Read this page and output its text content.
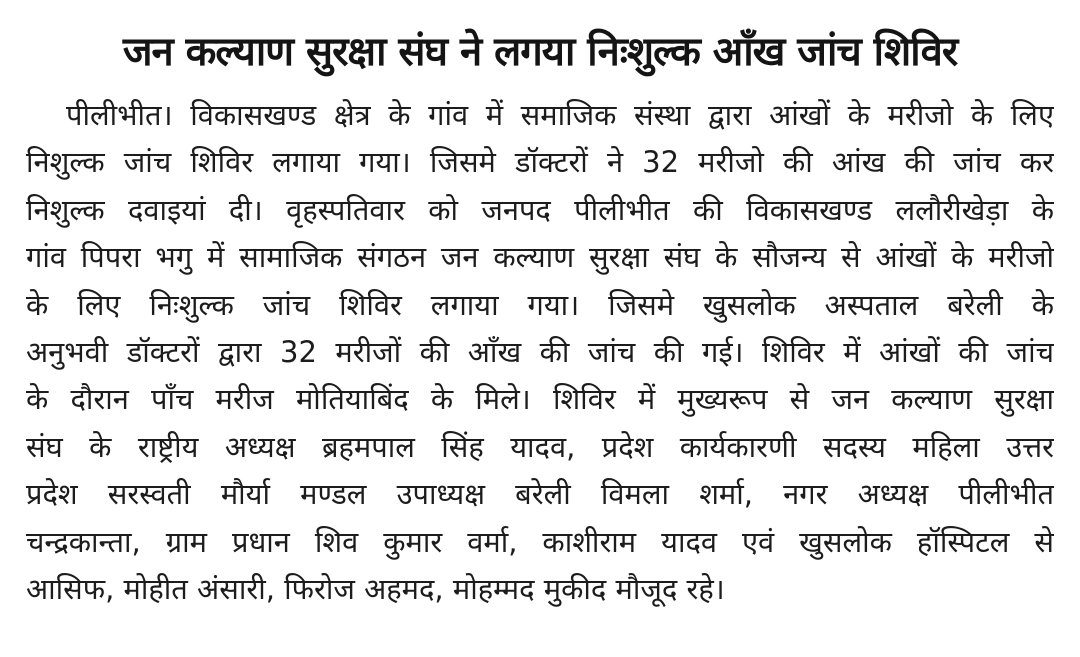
जन कल्याण सुरक्षा संघ ने लगया निःशुल्क आँख जांच शिविर
पीलीभीत। विकासखण्ड क्षेत्र के गांव में समाजिक संस्था द्वारा आंखों के मरीजो के लिए
निशुल्क जांच शिविर लगाया गया। जिसमे डॉक्टरों ने 32 मरीजो की आंख की जांच कर
निशुल्क दवाइयां दी। वृहस्पतिवार को जनपद पीलीभीत की विकासखण्ड ललौरीखेड़ा के
गांव पिपरा भगु में सामाजिक संगठन जन कल्याण सुरक्षा संघ के सौजन्य से आंखों के मरीजो
के लिए निःशुल्क जांच शिविर लगाया गया। जिसमे खुसलोक अस्पताल बरेली के
अनुभवी डॉक्टरों द्वारा 32 मरीजों की आँख की जांच की गई। शिविर में आंखों की जांच
के दौरान पाँच मरीज मोतियाबिंद के मिले। शिविर में मुख्यरूप से जन कल्याण सुरक्षा
संघ के राष्ट्रीय अध्यक्ष ब्रहमपाल सिंह यादव, प्रदेश कार्यकारणी सदस्य महिला उत्तर
प्रदेश सरस्वती मौर्या मण्डल उपाध्यक्ष बरेली विमला शर्मा, नगर अध्यक्ष पीलीभीत
चन्द्रकान्ता, ग्राम प्रधान शिव कुमार वर्मा, काशीराम यादव एवं खुसलोक हॉस्पिटल से
आसिफ, मोहीत अंसारी, फिरोज अहमद, मोहम्मद मुकीद मौजूद रहे।
